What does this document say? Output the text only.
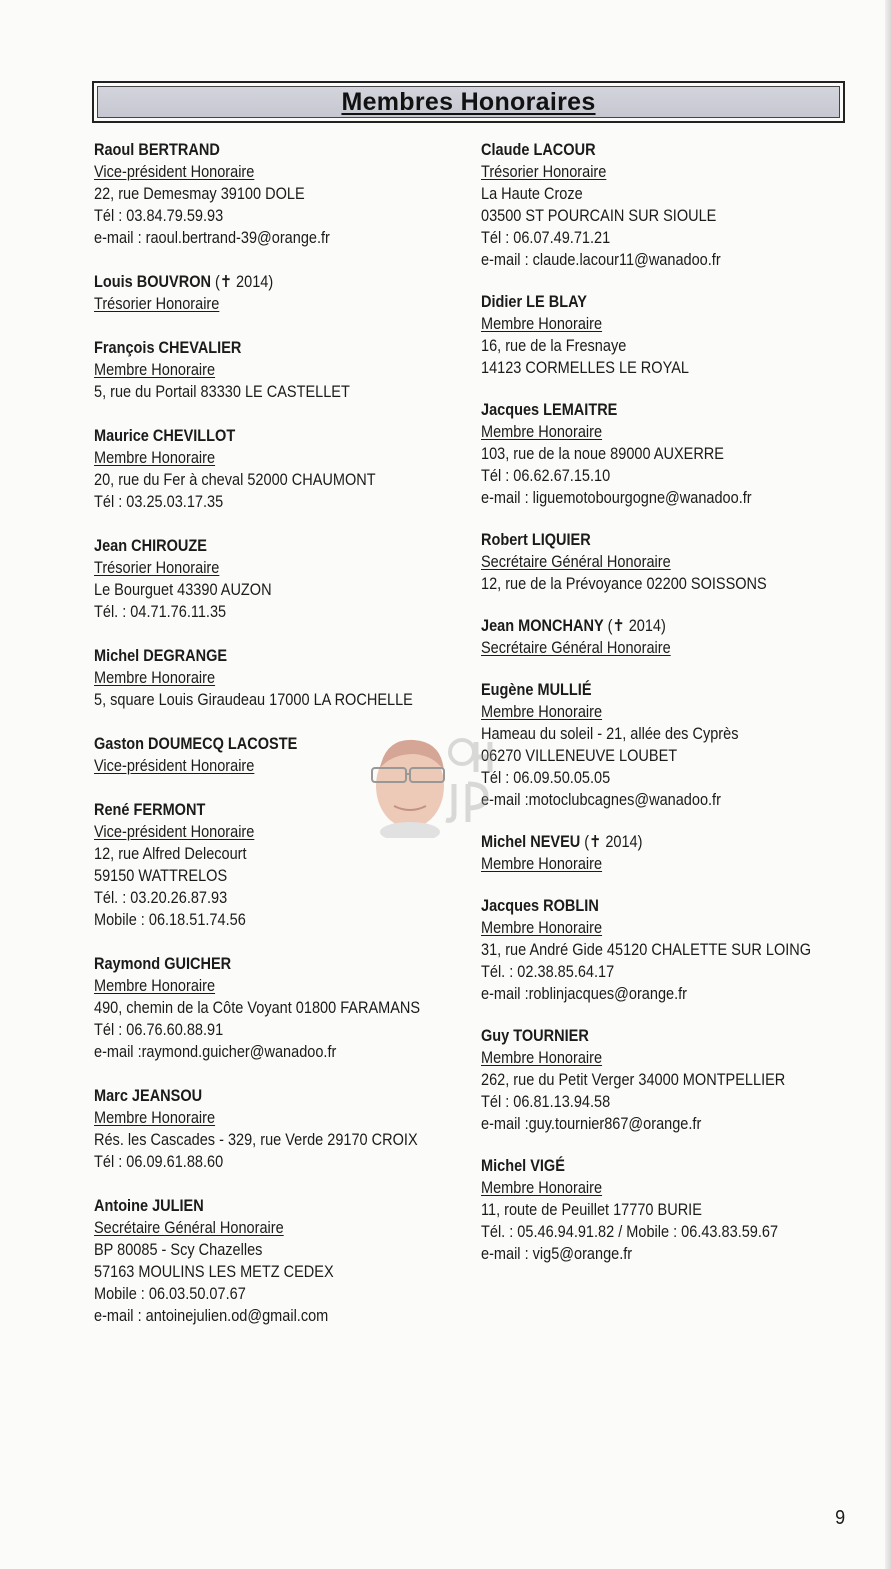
Membres Honoraires
Raoul BERTRAND
Vice-président Honoraire
22, rue Demesmay 39100 DOLE
Tél : 03.84.79.59.93
e-mail : raoul.bertrand-39@orange.fr
Louis BOUVRON (✝ 2014)
Trésorier Honoraire
François CHEVALIER
Membre Honoraire
5, rue du Portail 83330 LE CASTELLET
Maurice CHEVILLOT
Membre Honoraire
20, rue du Fer à cheval 52000 CHAUMONT
Tél : 03.25.03.17.35
Jean CHIROUZE
Trésorier Honoraire
Le Bourguet 43390 AUZON
Tél. : 04.71.76.11.35
Michel DEGRANGE
Membre Honoraire
5, square Louis Giraudeau 17000 LA ROCHELLE
Gaston DOUMECQ LACOSTE
Vice-président Honoraire
René FERMONT
Vice-président Honoraire
12, rue Alfred Delecourt
59150 WATTRELOS
Tél. : 03.20.26.87.93
Mobile : 06.18.51.74.56
Raymond GUICHER
Membre Honoraire
490, chemin de la Côte Voyant 01800 FARAMANS
Tél : 06.76.60.88.91
e-mail :raymond.guicher@wanadoo.fr
Marc JEANSOU
Membre Honoraire
Rés. les Cascades - 329, rue Verde 29170 CROIX
Tél : 06.09.61.88.60
Antoine JULIEN
Secrétaire Général Honoraire
BP 80085 - Scy Chazelles
57163 MOULINS LES METZ CEDEX
Mobile : 06.03.50.07.67
e-mail : antoinejulien.od@gmail.com
Claude LACOUR
Trésorier Honoraire
La Haute Croze
03500 ST POURCAIN SUR SIOULE
Tél : 06.07.49.71.21
e-mail : claude.lacour11@wanadoo.fr
Didier LE BLAY
Membre Honoraire
16, rue de la Fresnaye
14123 CORMELLES LE ROYAL
Jacques LEMAITRE
Membre Honoraire
103, rue de la noue 89000 AUXERRE
Tél : 06.62.67.15.10
e-mail : liguemotobourgogne@wanadoo.fr
Robert LIQUIER
Secrétaire Général Honoraire
12, rue de la Prévoyance 02200 SOISSONS
Jean MONCHANY (✝ 2014)
Secrétaire Général Honoraire
Eugène MULLIÉ
Membre Honoraire
Hameau du soleil - 21, allée des Cyprès
06270 VILLENEUVE LOUBET
Tél : 06.09.50.05.05
e-mail :motoclubcagnes@wanadoo.fr
Michel NEVEU (✝ 2014)
Membre Honoraire
Jacques ROBLIN
Membre Honoraire
31, rue André Gide 45120 CHALETTE SUR LOING
Tél. : 02.38.85.64.17
e-mail :roblinjacques@orange.fr
Guy TOURNIER
Membre Honoraire
262, rue du Petit Verger 34000 MONTPELLIER
Tél : 06.81.13.94.58
e-mail :guy.tournier867@orange.fr
Michel VIGÉ
Membre Honoraire
11, route de Peuillet 17770 BURIE
Tél. : 05.46.94.91.82 / Mobile : 06.43.83.59.67
e-mail : vig5@orange.fr
9
